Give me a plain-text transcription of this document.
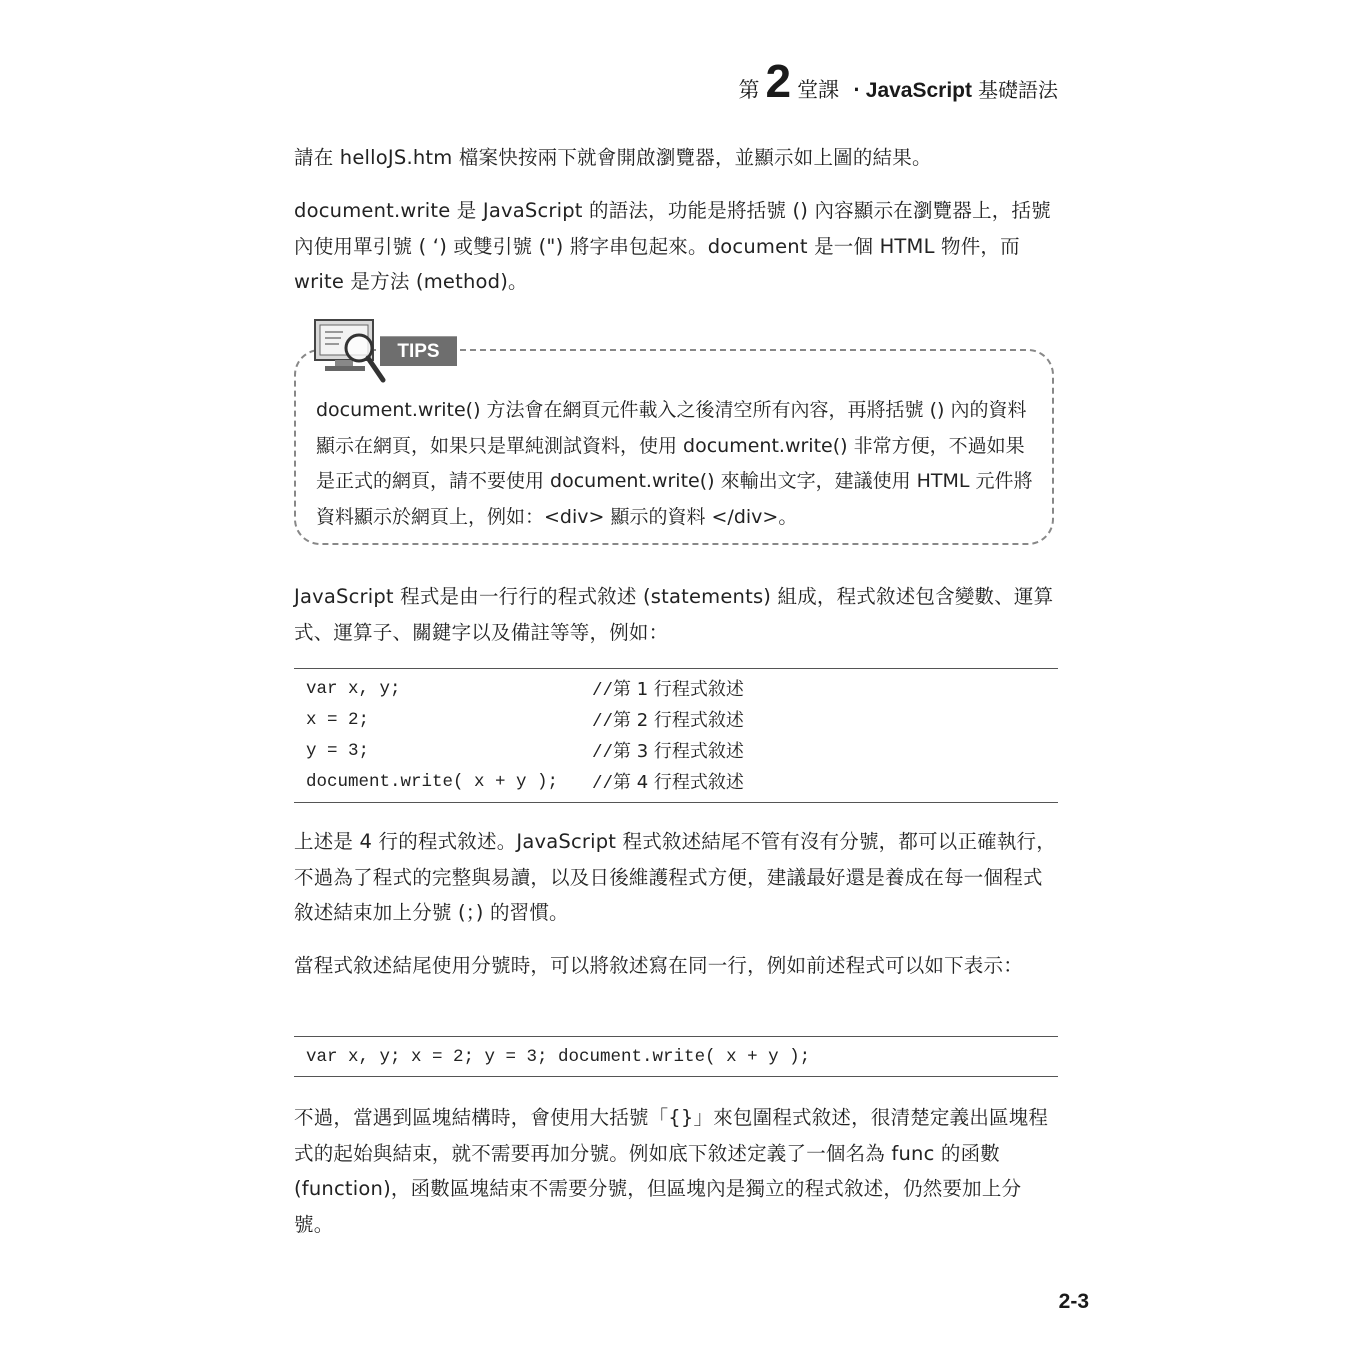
第 2 堂課 ‧ JavaScript 基礎語法

請在 helloJS.htm 檔案快按兩下就會開啟瀏覽器，並顯示如上圖的結果。

document.write 是 JavaScript 的語法，功能是將括號 () 內容顯示在瀏覽器上，括號內使用單引號 ( ‘) 或雙引號 (") 將字串包起來。document 是一個 HTML 物件，而 write 是方法 (method)。

TIPS

document.write() 方法會在網頁元件載入之後清空所有內容，再將括號 () 內的資料顯示在網頁，如果只是單純測試資料，使用 document.write() 非常方便，不過如果是正式的網頁，請不要使用 document.write() 來輸出文字，建議使用 HTML 元件將資料顯示於網頁上，例如：<div> 顯示的資料 </div>。

JavaScript 程式是由一行行的程式敘述 (statements) 組成，程式敘述包含變數、運算式、運算子、關鍵字以及備註等等，例如：

var x, y;	//第 1 行程式敘述
x = 2;	//第 2 行程式敘述
y = 3;	//第 3 行程式敘述
document.write( x + y );	//第 4 行程式敘述

上述是 4 行的程式敘述。JavaScript 程式敘述結尾不管有沒有分號，都可以正確執行，不過為了程式的完整與易讀，以及日後維護程式方便，建議最好還是養成在每一個程式敘述結束加上分號 (；) 的習慣。

當程式敘述結尾使用分號時，可以將敘述寫在同一行，例如前述程式可以如下表示：

var x, y; x = 2; y = 3; document.write( x + y );

不過，當遇到區塊結構時，會使用大括號「{}」來包圍程式敘述，很清楚定義出區塊程式的起始與結束，就不需要再加分號。例如底下敘述定義了一個名為 func 的函數 (function)，函數區塊結束不需要分號，但區塊內是獨立的程式敘述，仍然要加上分號。

2-3
